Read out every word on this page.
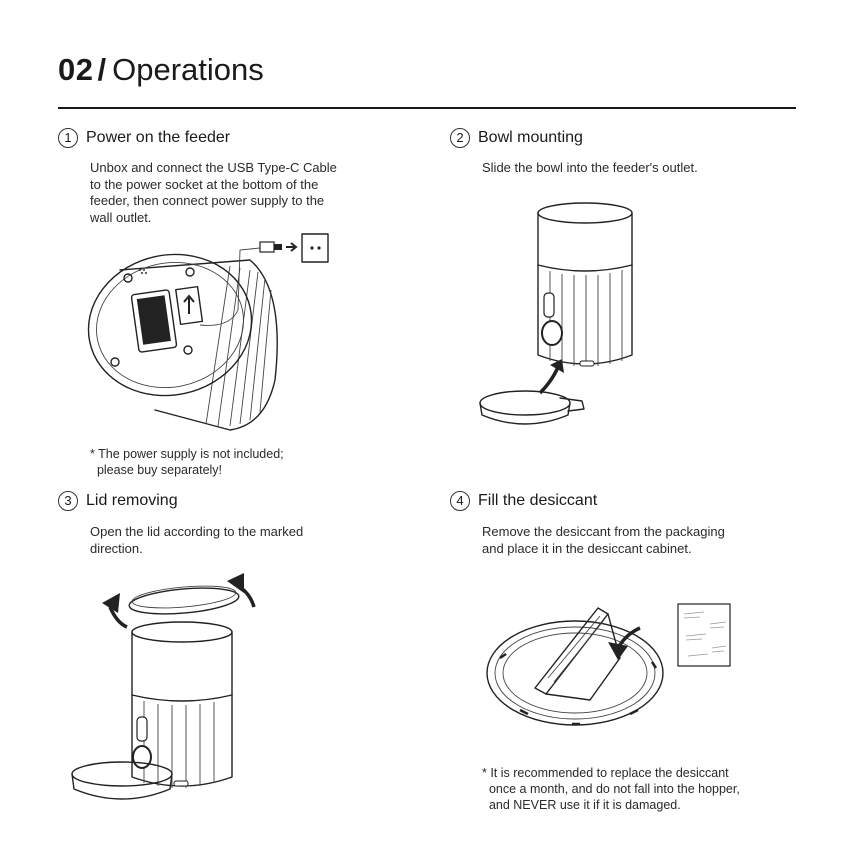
02 / Operations
1 Power on the feeder
Unbox and connect the USB Type-C Cable
to the power socket at the bottom of the
feeder, then connect power supply to the
wall outlet.
* The power supply is not included;
please buy separately!
2 Bowl mounting
Slide the bowl into the feeder's outlet.
3 Lid removing
Open the lid according to the marked
direction.
4 Fill the desiccant
Remove the desiccant from the packaging
and place it in the desiccant cabinet.
* It is recommended to replace the desiccant
once a month, and do not fall into the hopper,
and NEVER use it if it is damaged.
